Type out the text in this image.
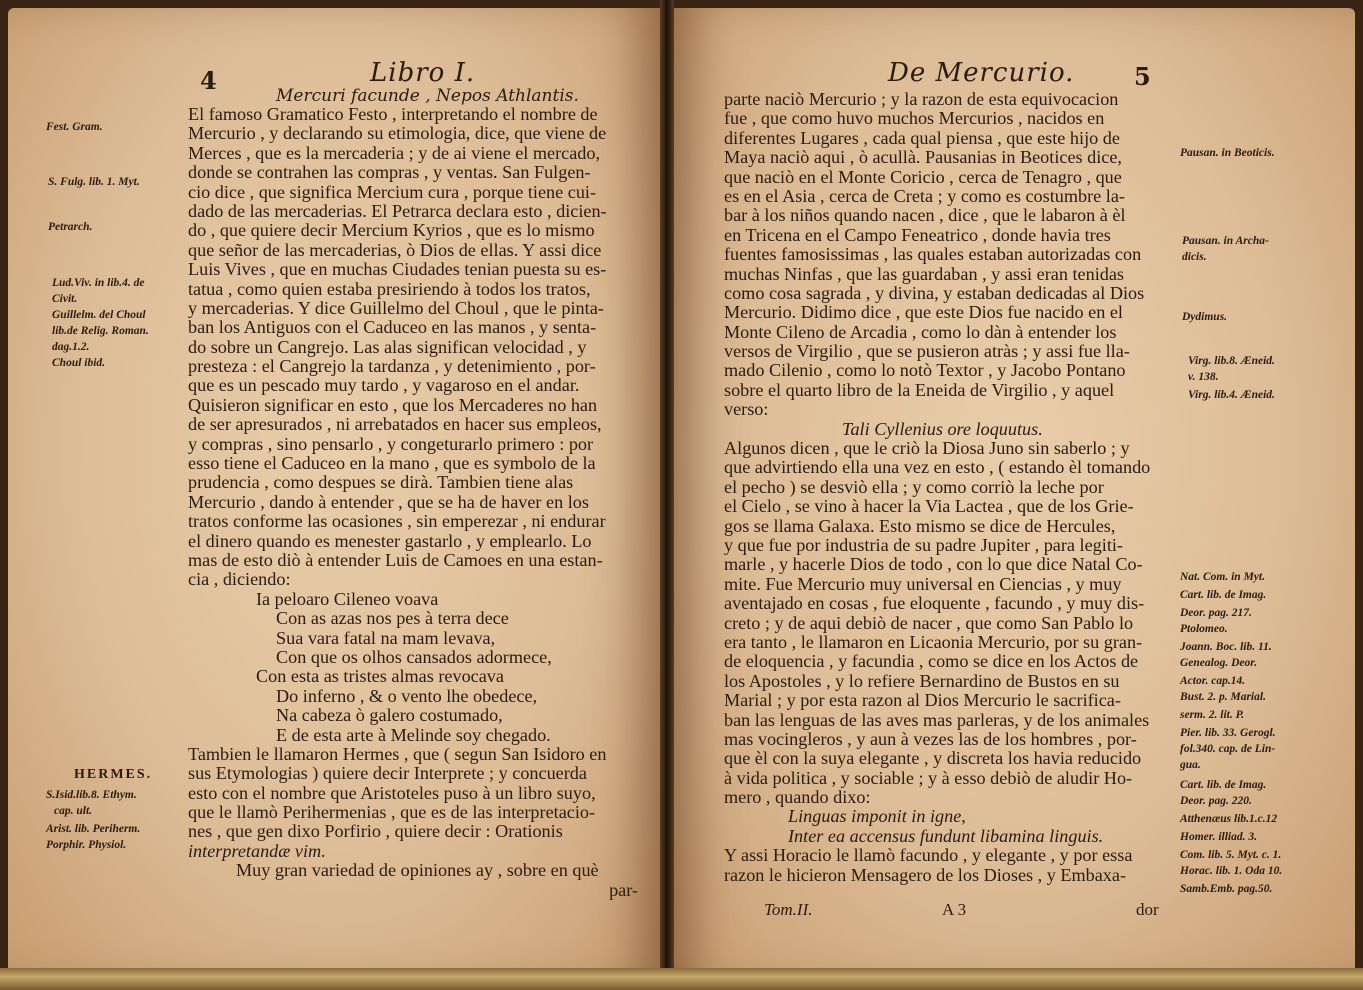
4	Libro I.
Mercuri facunde , Nepos Athlantis.
El famoso Gramatico Festo , interpretando el nombre de
Mercurio , y declarando su etimologia, dice, que viene de
Merces , que es la mercaderia ; y de ai viene el mercado,
donde se contrahen las compras , y ventas. San Fulgen-
cio dice , que significa Mercium cura , porque tiene cui-
dado de las mercaderias. El Petrarca declara esto , dicien-
do , que quiere decir Mercium Kyrios , que es lo mismo
que señor de las mercaderias, ò Dios de ellas. Y assi dice
Luis Vives , que en muchas Ciudades tenian puesta su es-
tatua , como quien estaba presiriendo à todos los tratos,
y mercaderias. Y dice Guillelmo del Choul , que le pinta-
ban los Antiguos con el Caduceo en las manos , y senta-
do sobre un Cangrejo. Las alas significan velocidad , y
presteza : el Cangrejo la tardanza , y detenimiento , por-
que es un pescado muy tardo , y vagaroso en el andar.
Quisieron significar en esto , que los Mercaderes no han
de ser apresurados , ni arrebatados en hacer sus empleos,
y compras , sino pensarlo , y congeturarlo primero : por
esso tiene el Caduceo en la mano , que es symbolo de la
prudencia , como despues se dirà. Tambien tiene alas
Mercurio , dando à entender , que se ha de haver en los
tratos conforme las ocasiones , sin emperezar , ni endurar
el dinero quando es menester gastarlo , y emplearlo. Lo
mas de esto diò à entender Luis de Camoes en una estan-
cia , diciendo:
Ia peloaro Cileneo voava
Con as azas nos pes à terra dece
Sua vara fatal na mam levava,
Con que os olhos cansados adormece,
Con esta as tristes almas revocava
Do inferno , & o vento lhe obedece,
Na cabeza ò galero costumado,
E de esta arte à Melinde soy chegado.
Tambien le llamaron Hermes , que ( segun San Isidoro en
sus Etymologias ) quiere decir Interprete ; y concuerda
esto con el nombre que Aristoteles puso à un libro suyo,
que le llamò Perihermenias , que es de las interpretacio-
nes , que gen dixo Porfirio , quiere decir : Orationis
interpretandæ vim.
Muy gran variedad de opiniones ay , sobre en què
par-
Fest. Gram.
S. Fulg. lib. 1. Myt.
Petrarch.
Lud.Viv. in lib.4. de
Civit.
Guillelm. del Choul
lib.de Relig. Roman.
dag.1.2.
Choul ibid.
HERMES.
S.Isid.lib.8. Ethym.
cap. ult.
Arist. lib. Periherm.
Porphir. Physiol.
De Mercurio. 5
parte naciò Mercurio ; y la razon de esta equivocacion
fue , que como huvo muchos Mercurios , nacidos en
diferentes Lugares , cada qual piensa , que este hijo de
Maya naciò aqui , ò acullà. Pausanias in Beotices dice,
que naciò en el Monte Coricio , cerca de Tenagro , que
es en el Asia , cerca de Creta ; y como es costumbre la-
bar à los niños quando nacen , dice , que le labaron à èl
en Tricena en el Campo Feneatrico , donde havia tres
fuentes famosissimas , las quales estaban autorizadas con
muchas Ninfas , que las guardaban , y assi eran tenidas
como cosa sagrada , y divina, y estaban dedicadas al Dios
Mercurio. Didimo dice , que este Dios fue nacido en el
Monte Cileno de Arcadia , como lo dàn à entender los
versos de Virgilio , que se pusieron atràs ; y assi fue lla-
mado Cilenio , como lo notò Textor , y Jacobo Pontano
sobre el quarto libro de la Eneida de Virgilio , y aquel
verso:
Tali Cyllenius ore loquutus.
Algunos dicen , que le criò la Diosa Juno sin saberlo ; y
que advirtiendo ella una vez en esto , ( estando èl tomando
el pecho ) se desviò ella ; y como corriò la leche por
el Cielo , se vino à hacer la Via Lactea , que de los Grie-
gos se llama Galaxa. Esto mismo se dice de Hercules,
y que fue por industria de su padre Jupiter , para legiti-
marle , y hacerle Dios de todo , con lo que dice Natal Co-
mite. Fue Mercurio muy universal en Ciencias , y muy
aventajado en cosas , fue eloquente , facundo , y muy dis-
creto ; y de aqui debiò de nacer , que como San Pablo lo
era tanto , le llamaron en Licaonia Mercurio, por su gran-
de eloquencia , y facundia , como se dice en los Actos de
los Apostoles , y lo refiere Bernardino de Bustos en su
Marial ; y por esta razon al Dios Mercurio le sacrifica-
ban las lenguas de las aves mas parleras, y de los animales
mas vocingleros , y aun à vezes las de los hombres , por-
que èl con la suya elegante , y discreta los havia reducido
à vida politica , y sociable ; y à esso debiò de aludir Ho-
mero , quando dixo:
Linguas imponit in igne,
Inter ea accensus fundunt libamina linguis.
Y assi Horacio le llamò facundo , y elegante , y por essa
razon le hicieron Mensagero de los Dioses , y Embaxa-
Tom.II.	A 3	dor
Pausan. in Beoticis.
Pausan. in Archa-
dicis.
Dydimus.
Virg. lib.8. Æneid.
v. 138.
Virg. lib.4. Æneid.
Nat. Com. in Myt.
Cart. lib. de Imag.
Deor. pag. 217.
Ptolomeo.
Joann. Boc. lib. 11.
Genealog. Deor.
Actor. cap.14.
Bust. 2. p. Marial.
serm. 2. lit. P.
Pier. lib. 33. Gerogl.
fol.340. cap. de Lin-
gua.
Cart. lib. de Imag.
Deor. pag. 220.
Atthenæus lib.1.c.12
Homer. illiad. 3.
Com. lib. 5. Myt. c. 1.
Horac. lib. 1. Oda 10.
Samb.Emb. pag.50.
